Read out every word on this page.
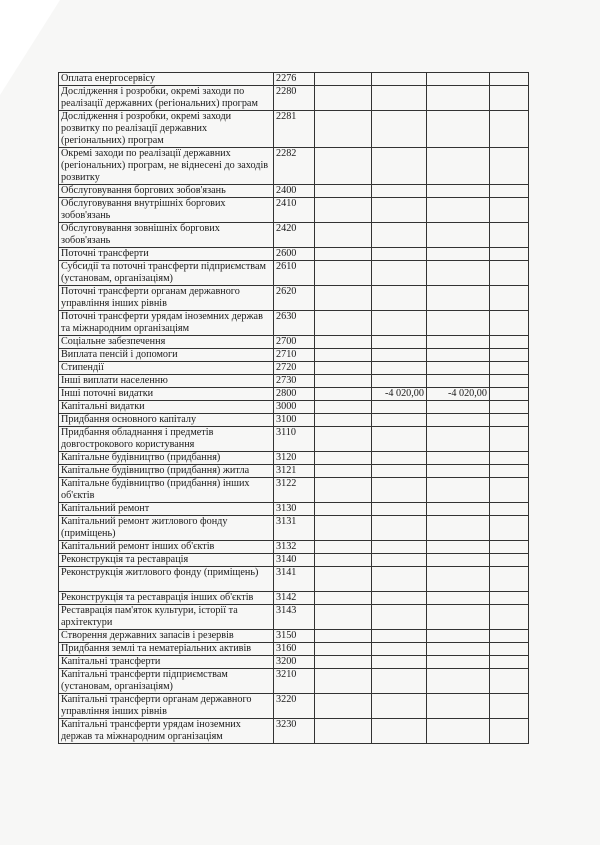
Оплата енергосервісу	2276				
Дослідження і розробки, окремі заходи по реалізації державних (регіональних) програм	2280				
Дослідження і розробки, окремі заходи розвитку по реалізації державних (регіональних) програм	2281				
Окремі заходи по реалізації державних (регіональних) програм, не віднесені до заходів розвитку	2282				
Обслуговування боргових зобов'язань	2400				
Обслуговування внутрішніх боргових зобов'язань	2410				
Обслуговування зовнішніх боргових зобов'язань	2420				
Поточні трансферти	2600				
Субсидії та поточні трансферти підприємствам (установам, організаціям)	2610				
Поточні трансферти органам державного управління інших рівнів	2620				
Поточні трансферти урядам іноземних держав та міжнародним організаціям	2630				
Соціальне забезпечення	2700				
Виплата пенсій і допомоги	2710				
Стипендії	2720				
Інші виплати населенню	2730				
Інші поточні видатки	2800		-4 020,00	-4 020,00	
Капітальні видатки	3000				
Придбання основного капіталу	3100				
Придбання обладнання і предметів довгострокового користування	3110				
Капітальне будівництво (придбання)	3120				
Капітальне будівництво (придбання) житла	3121				
Капітальне будівництво (придбання) інших об'єктів	3122				
Капітальний ремонт	3130				
Капітальний ремонт житлового фонду (приміщень)	3131				
Капітальний ремонт інших об'єктів	3132				
Реконструкція та реставрація	3140				
Реконструкція житлового фонду (приміщень)	3141				
Реконструкція та реставрація інших об'єктів	3142				
Реставрація пам'яток культури, історії та архітектури	3143				
Створення державних запасів і резервів	3150				
Придбання землі та нематеріальних активів	3160				
Капітальні трансферти	3200				
Капітальні трансферти підприємствам (установам, організаціям)	3210				
Капітальні трансферти органам державного управління інших рівнів	3220				
Капітальні трансферти урядам іноземних держав та міжнародним організаціям	3230				
